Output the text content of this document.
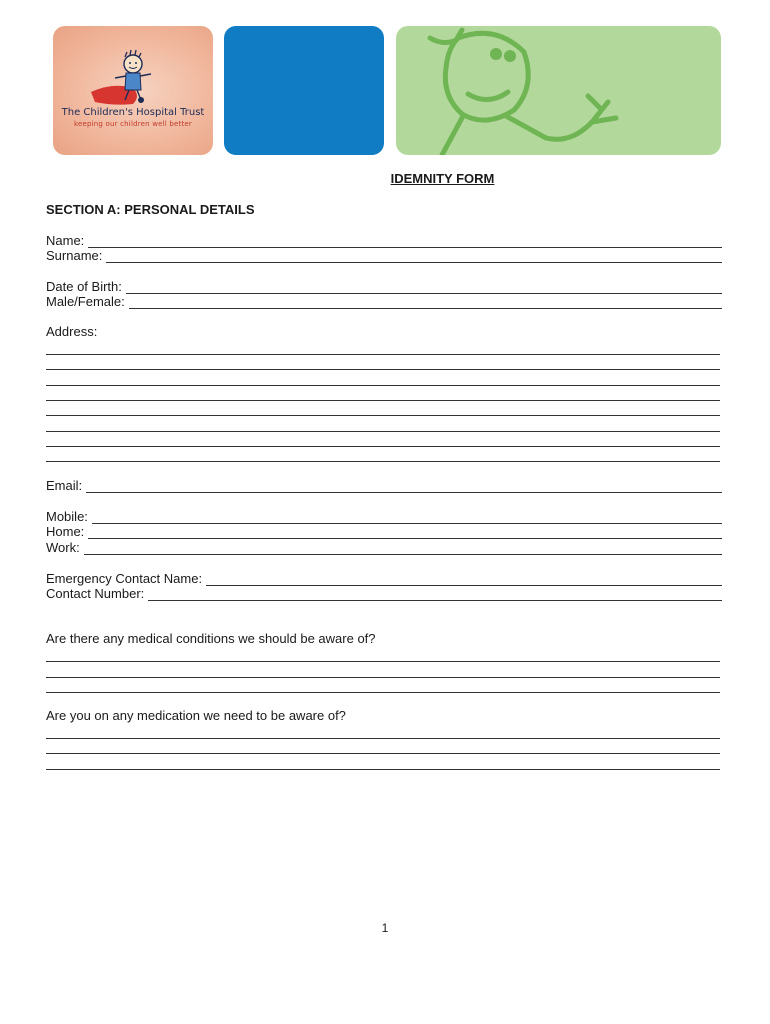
The Children's Hospital Trust
keeping our children well better
IDEMNITY FORM
SECTION A: PERSONAL DETAILS
Name:
Surname:
Date of Birth:
Male/Female:
Address:
Email:
Mobile:
Home:
Work:
Emergency Contact Name:
Contact Number:
Are there any medical conditions we should be aware of?
Are you on any medication we need to be aware of?
1
